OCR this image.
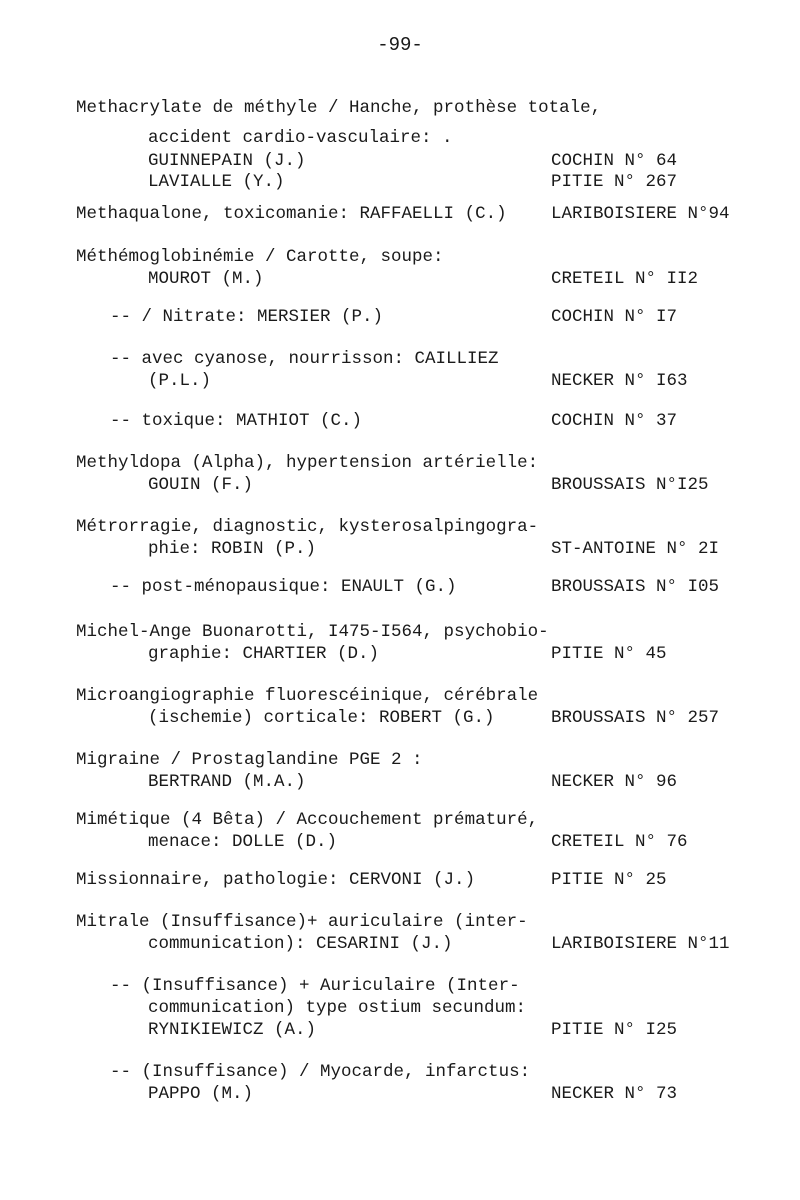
-99-
Methacrylate de méthyle / Hanche, prothèse totale,
accident cardio-vasculaire: .
GUINNEPAIN (J.)	COCHIN N° 64
LAVIALLE (Y.)	PITIE N° 267
Methaqualone, toxicomanie: RAFFAELLI (C.)	LARIBOISIERE N°94
Méthémoglobinémie / Carotte, soupe:
MOUROT (M.)	CRETEIL N° II2
-- / Nitrate: MERSIER (P.)	COCHIN N° I7
-- avec cyanose, nourrisson: CAILLIEZ
(P.L.)	NECKER N° I63
-- toxique: MATHIOT (C.)	COCHIN N° 37
Methyldopa (Alpha), hypertension artérielle:
GOUIN (F.)	BROUSSAIS N°I25
Métrorragie, diagnostic, kysterosalpingogra-
phie: ROBIN (P.)	ST-ANTOINE N° 2I
-- post-ménopausique: ENAULT (G.)	BROUSSAIS N° I05
Michel-Ange Buonarotti, I475-I564, psychobio-
graphie: CHARTIER (D.)	PITIE N° 45
Microangiographie fluorescéinique, cérébrale
(ischemie) corticale: ROBERT (G.)	BROUSSAIS N° 257
Migraine / Prostaglandine PGE 2 :
BERTRAND (M.A.)	NECKER N° 96
Mimétique (4 Bêta) / Accouchement prématuré,
menace: DOLLE (D.)	CRETEIL N° 76
Missionnaire, pathologie: CERVONI (J.)	PITIE N° 25
Mitrale (Insuffisance)+ auriculaire (inter-
communication): CESARINI (J.)	LARIBOISIERE N°11
-- (Insuffisance) + Auriculaire (Inter-
communication) type ostium secundum:
RYNIKIEWICZ (A.)	PITIE N° I25
-- (Insuffisance) / Myocarde, infarctus:
PAPPO (M.)	NECKER N° 73
